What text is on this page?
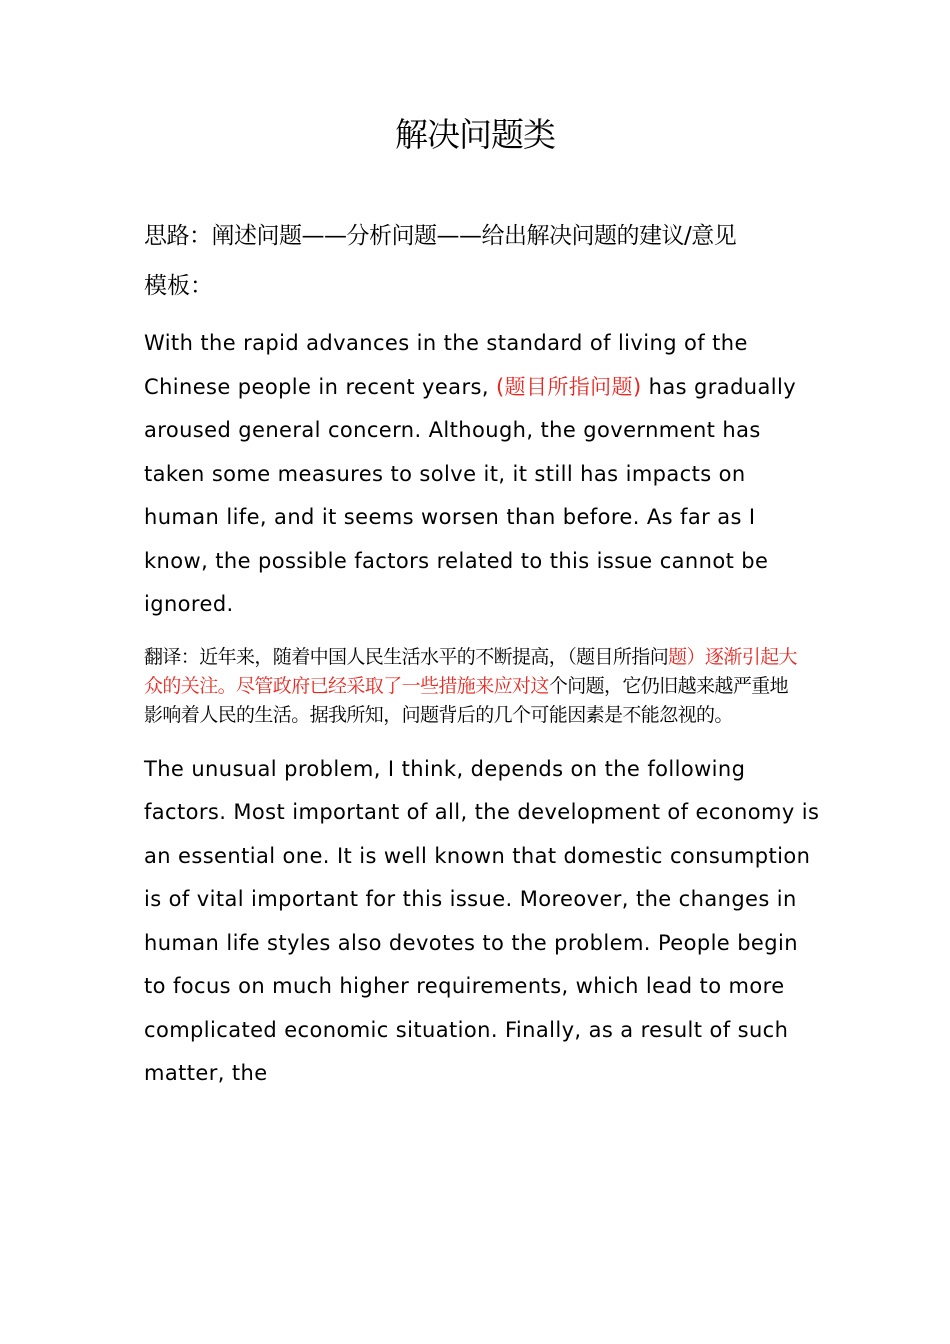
解决问题类

思路：阐述问题——分析问题——给出解决问题的建议/意见

模板：

With the rapid advances in the standard of living of the Chinese people in recent years, (题目所指问题) has gradually aroused general concern. Although, the government has taken some measures to solve it, it still has impacts on human life, and it seems worsen than before. As far as I know, the possible factors related to this issue cannot be ignored.

翻译：近年来，随着中国人民生活水平的不断提高，（题目所指问题）逐渐引起大众的关注。尽管政府已经采取了一些措施来应对这个问题，它仍旧越来越严重地影响着人民的生活。据我所知，问题背后的几个可能因素是不能忽视的。

The unusual problem, I think, depends on the following factors. Most important of all, the development of economy is an essential one. It is well known that domestic consumption is of vital important for this issue. Moreover, the changes in human life styles also devotes to the problem. People begin to focus on much higher requirements, which lead to more complicated economic situation. Finally, as a result of such matter, the
